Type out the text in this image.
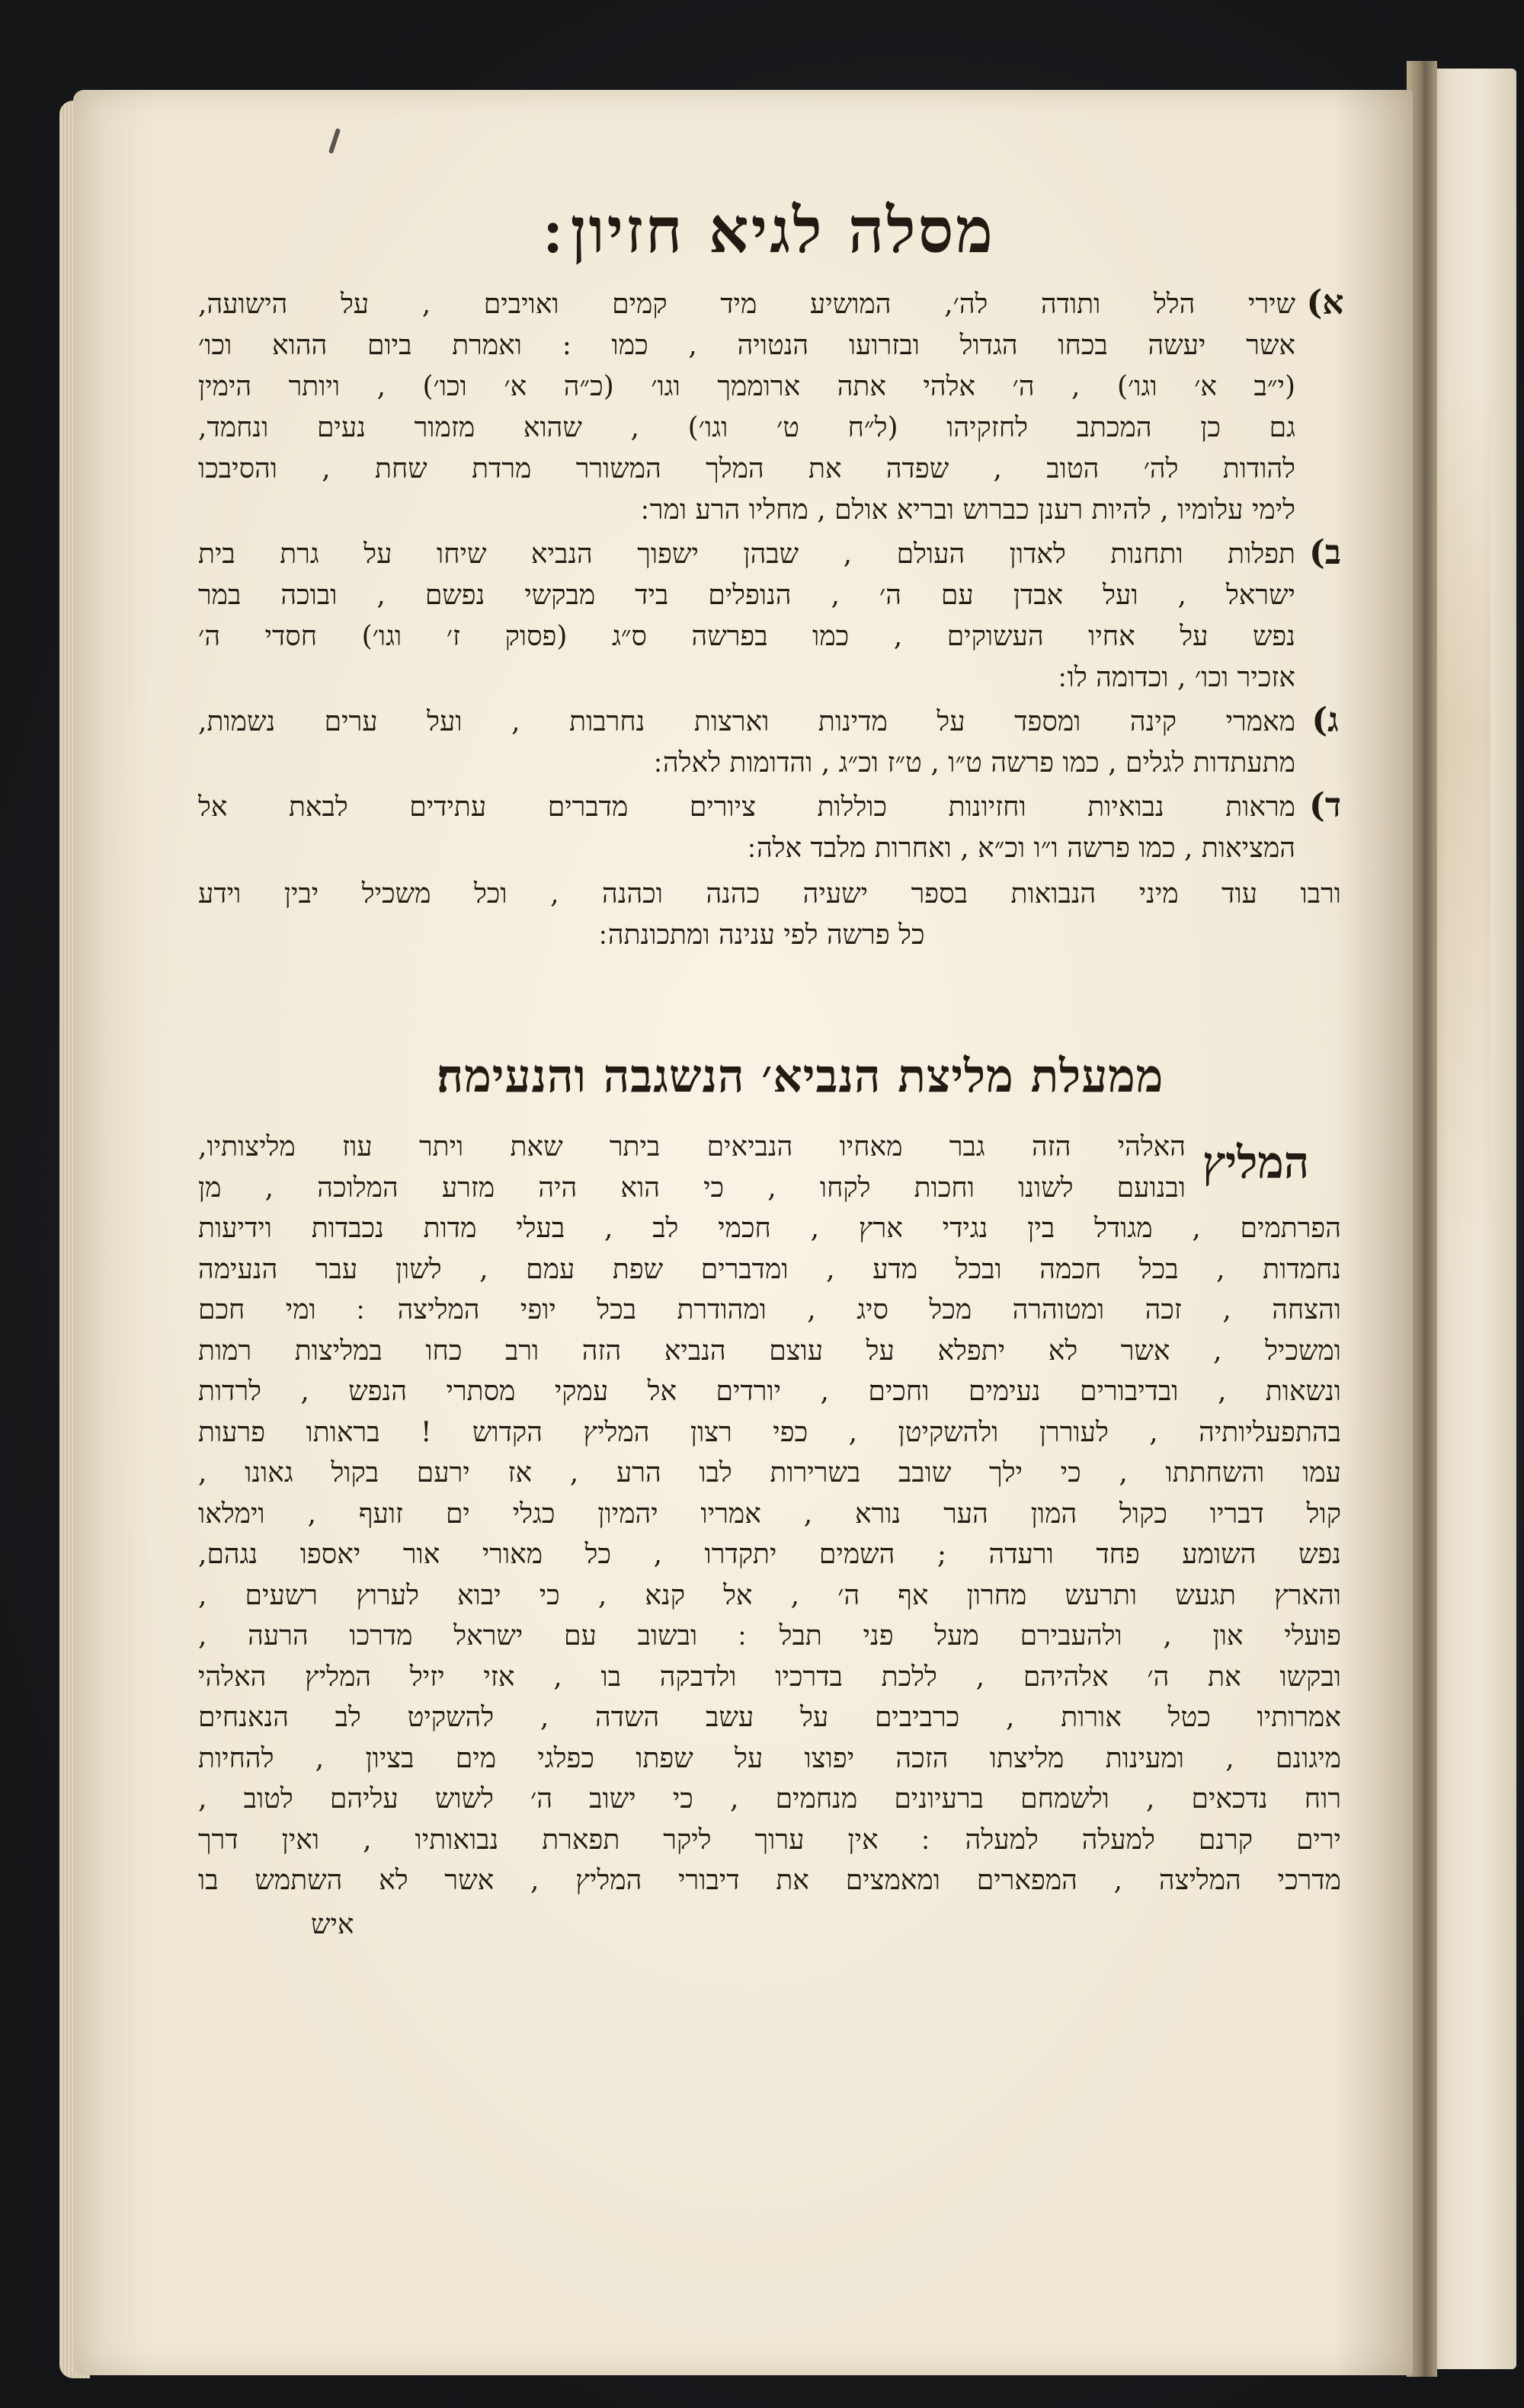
מסלה לגיא חזיון ׃
א)
שירי הלל ותודה לה׳, המושיע מיד קמים ואויבים , על הישועה,
אשר יעשה בכחו הגדול ובזרועו הנטויה , כמו : ואמרת ביום ההוא וכו׳
(י״ב א׳ וגו׳) , ה׳ אלהי אתה ארוממך וגו׳ (כ״ה א׳ וכו׳) , ויותר הימין
גם כן המכתב לחזקיהו (ל״ח ט׳ וגו׳) , שהוא מזמור נעים ונחמד,
להודות לה׳ הטוב , שפדה את המלך המשורר מרדת שחת , והסיבכו
לימי עלומיו , להיות רענן כברוש ובריא אולם , מחליו הרע ומר ׃
ב)
תפלות ותחנות לאדון העולם , שבהן ישפוך הנביא שיחו על גרת בית
ישראל , ועל אבדן עם ה׳ , הנופלים ביד מבקשי נפשם , ובוכה במר
נפש על אחיו העשוקים , כמו בפרשה ס״ג (פסוק ז׳ וגו׳) חסדי ה׳
אזכיר וכו׳ , וכדומה לו ׃
ג)
מאמרי קינה ומספד על מדינות וארצות נחרבות , ועל ערים נשמות,
מתעתדות לגלים , כמו פרשה ט״ו , ט״ז וכ״ג , והדומות לאלה ׃
ד)
מראות נבואיות וחזיונות כוללות ציורים מדברים עתידים לבאת אל
המציאות , כמו פרשה ו״ו וכ״א , ואחרות מלבד אלה ׃
ורבו עוד מיני הנבואות בספר ישעיה כהנה וכהנה , וכל משכיל יבין וידע
כל פרשה לפי ענינה ומתכונתה ׃
ממעלת מליצת הנביא׳ הנשגבה והנעימה׃
המליץ
האלהי הזה גבר מאחיו הנביאים ביתר שאת ויתר עוז מליצותיו,
ובנועם לשונו וחכות לקחו , כי הוא היה מזרע המלוכה , מן
הפרתמים , מגודל בין נגידי ארץ , חכמי לב , בעלי מדות נכבדות וידיעות
נחמדות , בכל חכמה ובכל מדע , ומדברים שפת עמם , לשון עבר הנעימה
והצחה , זכה ומטוהרה מכל סיג , ומהודרת בכל יופי המליצה ׃ ומי חכם
ומשכיל , אשר לא יתפלא על עוצם הנביא הזה ורב כחו במליצות רמות
ונשאות , ובדיבורים נעימים וחכים , יורדים אל עמקי מסתרי הנפש , לרדות
בהתפעליותיה , לעוררן ולהשקיטן , כפי רצון המליץ הקדוש ! בראותו פרעות
עמו והשחתתו , כי ילך שובב בשרירות לבו הרע , אז ירעם בקול גאונו ,
קול דבריו כקול המון הער נורא , אמריו יהמיון כגלי ים זועף , וימלאו
נפש השומע פחד ורעדה ; השמים יתקדרו , כל מאורי אור יאספו נגהם,
והארץ תגעש ותרעש מחרון אף ה׳ , אל קנא , כי יבוא לערוץ רשעים ,
פועלי און , ולהעבירם מעל פני תבל ׃ ובשוב עם ישראל מדרכו הרעה ,
ובקשו את ה׳ אלהיהם , ללכת בדרכיו ולדבקה בו , אזי יזיל המליץ האלהי
אמרותיו כטל אורות , כרביבים על עשב השדה , להשקיט לב הנאנחים
מיגונם , ומעינות מליצתו הזכה יפוצו על שפתו כפלגי מים בציון , להחיות
רוח נדכאים , ולשמחם ברעיונים מנחמים , כי ישוב ה׳ לשוש עליהם לטוב ,
ירים קרנם למעלה למעלה ׃ אין ערוך ליקר תפארת נבואותיו , ואין דרך
מדרכי המליצה , המפארים ומאמצים את דיבורי המליץ , אשר לא השתמש בו
איש
